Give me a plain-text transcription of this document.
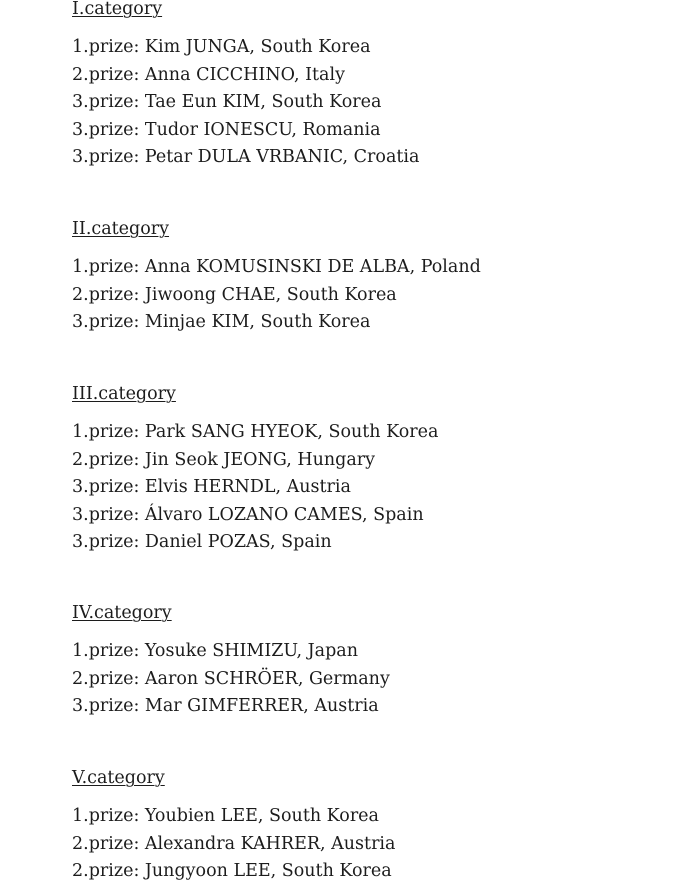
I.category
1.prize: Kim JUNGA, South Korea
2.prize: Anna CICCHINO, Italy
3.prize: Tae Eun KIM, South Korea
3.prize: Tudor IONESCU, Romania
3.prize: Petar DULA VRBANIC, Croatia
II.category
1.prize: Anna KOMUSINSKI DE ALBA, Poland
2.prize: Jiwoong CHAE, South Korea
3.prize: Minjae KIM, South Korea
III.category
1.prize: Park SANG HYEOK, South Korea
2.prize: Jin Seok JEONG, Hungary
3.prize: Elvis HERNDL, Austria
3.prize: Álvaro LOZANO CAMES, Spain
3.prize: Daniel POZAS, Spain
IV.category
1.prize: Yosuke SHIMIZU, Japan
2.prize: Aaron SCHRÖER, Germany
3.prize: Mar GIMFERRER, Austria
V.category
1.prize: Youbien LEE, South Korea
2.prize: Alexandra KAHRER, Austria
2.prize: Jungyoon LEE, South Korea
